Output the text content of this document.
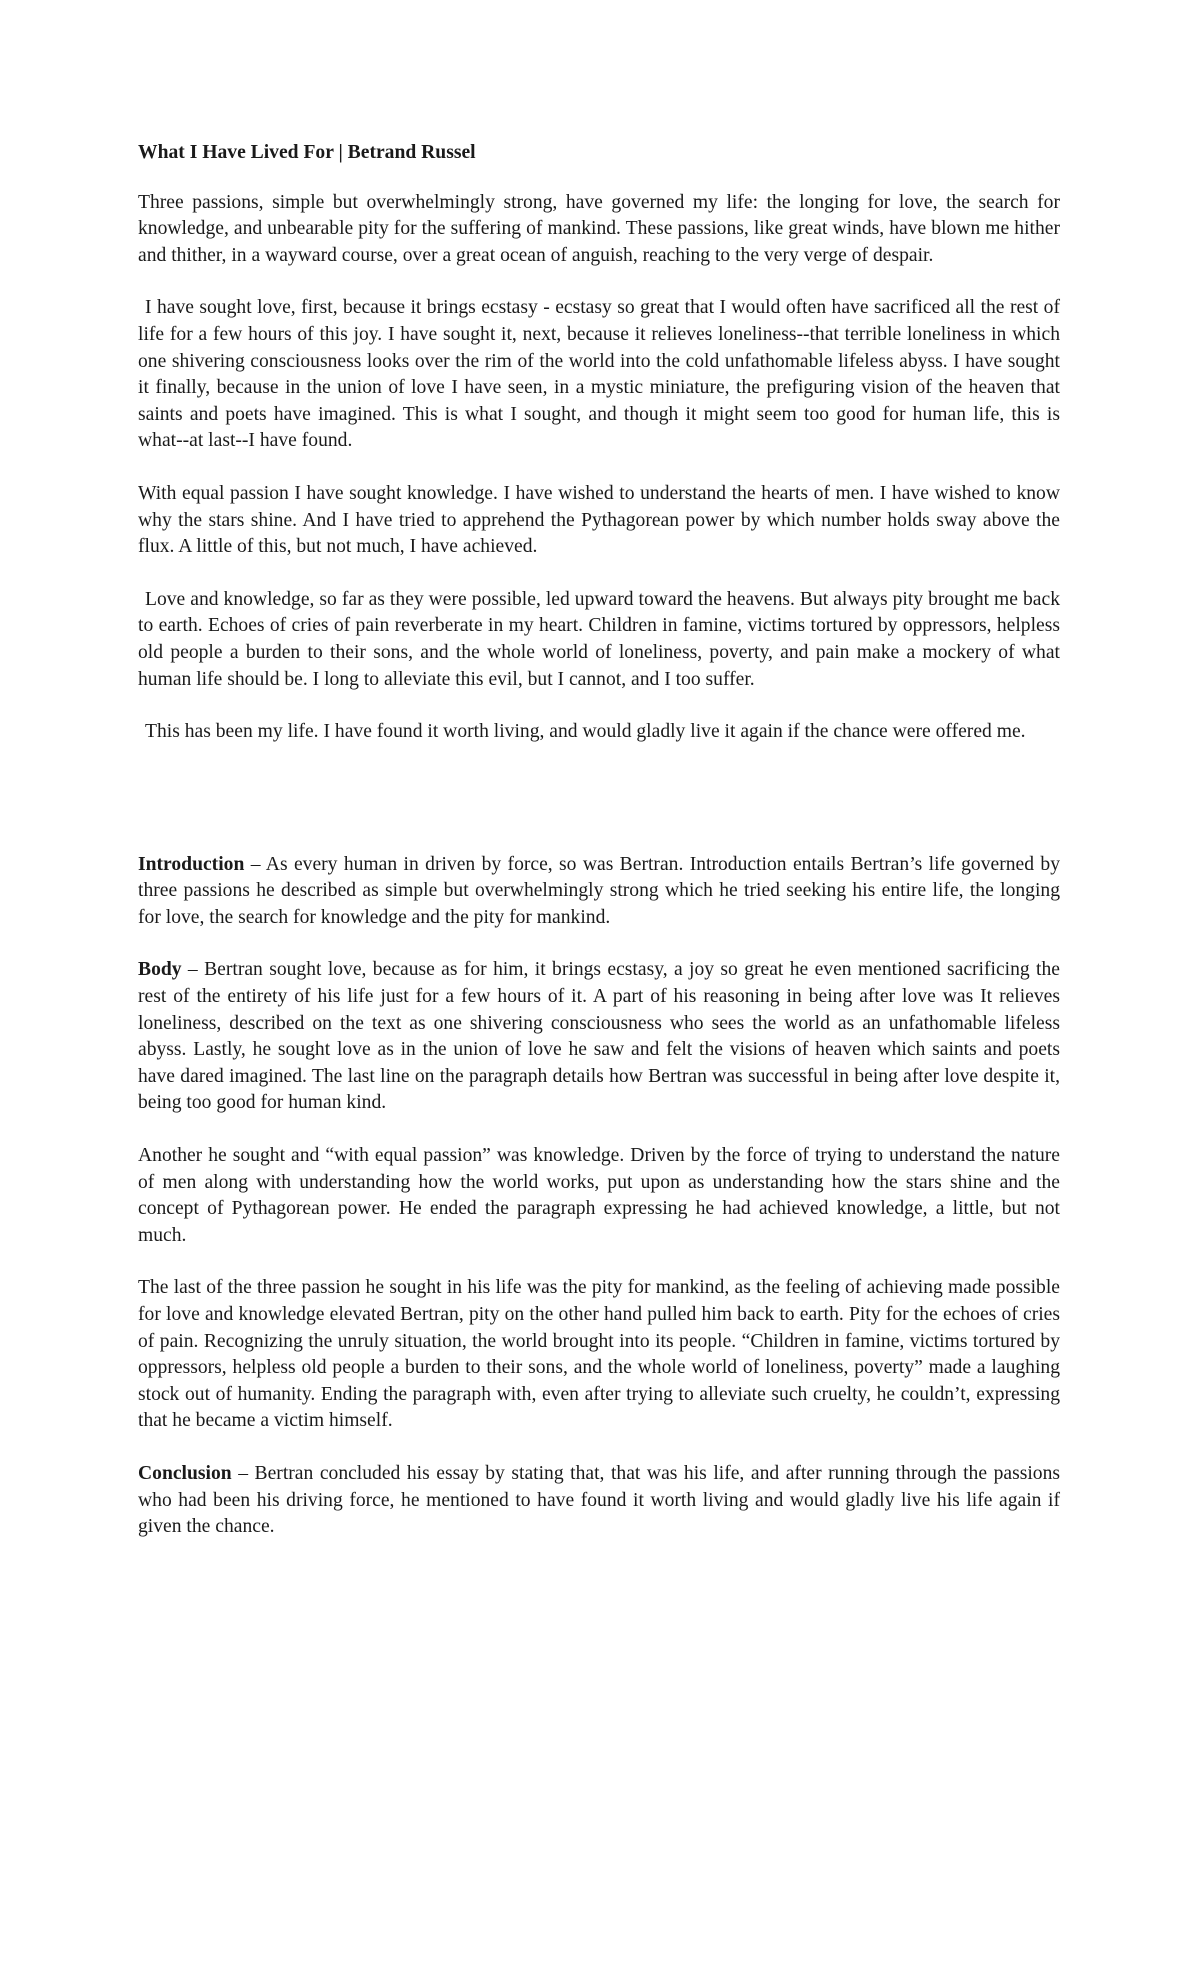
What I Have Lived For | Betrand Russel

Three passions, simple but overwhelmingly strong, have governed my life: the longing for love, the search for knowledge, and unbearable pity for the suffering of mankind. These passions, like great winds, have blown me hither and thither, in a wayward course, over a great ocean of anguish, reaching to the very verge of despair.

I have sought love, first, because it brings ecstasy - ecstasy so great that I would often have sacrificed all the rest of life for a few hours of this joy. I have sought it, next, because it relieves loneliness--that terrible loneliness in which one shivering consciousness looks over the rim of the world into the cold unfathomable lifeless abyss. I have sought it finally, because in the union of love I have seen, in a mystic miniature, the prefiguring vision of the heaven that saints and poets have imagined. This is what I sought, and though it might seem too good for human life, this is what--at last--I have found.

With equal passion I have sought knowledge. I have wished to understand the hearts of men. I have wished to know why the stars shine. And I have tried to apprehend the Pythagorean power by which number holds sway above the flux. A little of this, but not much, I have achieved.

Love and knowledge, so far as they were possible, led upward toward the heavens. But always pity brought me back to earth. Echoes of cries of pain reverberate in my heart. Children in famine, victims tortured by oppressors, helpless old people a burden to their sons, and the whole world of loneliness, poverty, and pain make a mockery of what human life should be. I long to alleviate this evil, but I cannot, and I too suffer.

This has been my life. I have found it worth living, and would gladly live it again if the chance were offered me.

Introduction – As every human in driven by force, so was Bertran. Introduction entails Bertran’s life governed by three passions he described as simple but overwhelmingly strong which he tried seeking his entire life, the longing for love, the search for knowledge and the pity for mankind.

Body – Bertran sought love, because as for him, it brings ecstasy, a joy so great he even mentioned sacrificing the rest of the entirety of his life just for a few hours of it. A part of his reasoning in being after love was It relieves loneliness, described on the text as one shivering consciousness who sees the world as an unfathomable lifeless abyss. Lastly, he sought love as in the union of love he saw and felt the visions of heaven which saints and poets have dared imagined. The last line on the paragraph details how Bertran was successful in being after love despite it, being too good for human kind.

Another he sought and “with equal passion” was knowledge. Driven by the force of trying to understand the nature of men along with understanding how the world works, put upon as understanding how the stars shine and the concept of Pythagorean power. He ended the paragraph expressing he had achieved knowledge, a little, but not much.

The last of the three passion he sought in his life was the pity for mankind, as the feeling of achieving made possible for love and knowledge elevated Bertran, pity on the other hand pulled him back to earth. Pity for the echoes of cries of pain. Recognizing the unruly situation, the world brought into its people. “Children in famine, victims tortured by oppressors, helpless old people a burden to their sons, and the whole world of loneliness, poverty” made a laughing stock out of humanity. Ending the paragraph with, even after trying to alleviate such cruelty, he couldn’t, expressing that he became a victim himself.

Conclusion – Bertran concluded his essay by stating that, that was his life, and after running through the passions who had been his driving force, he mentioned to have found it worth living and would gladly live his life again if given the chance.
